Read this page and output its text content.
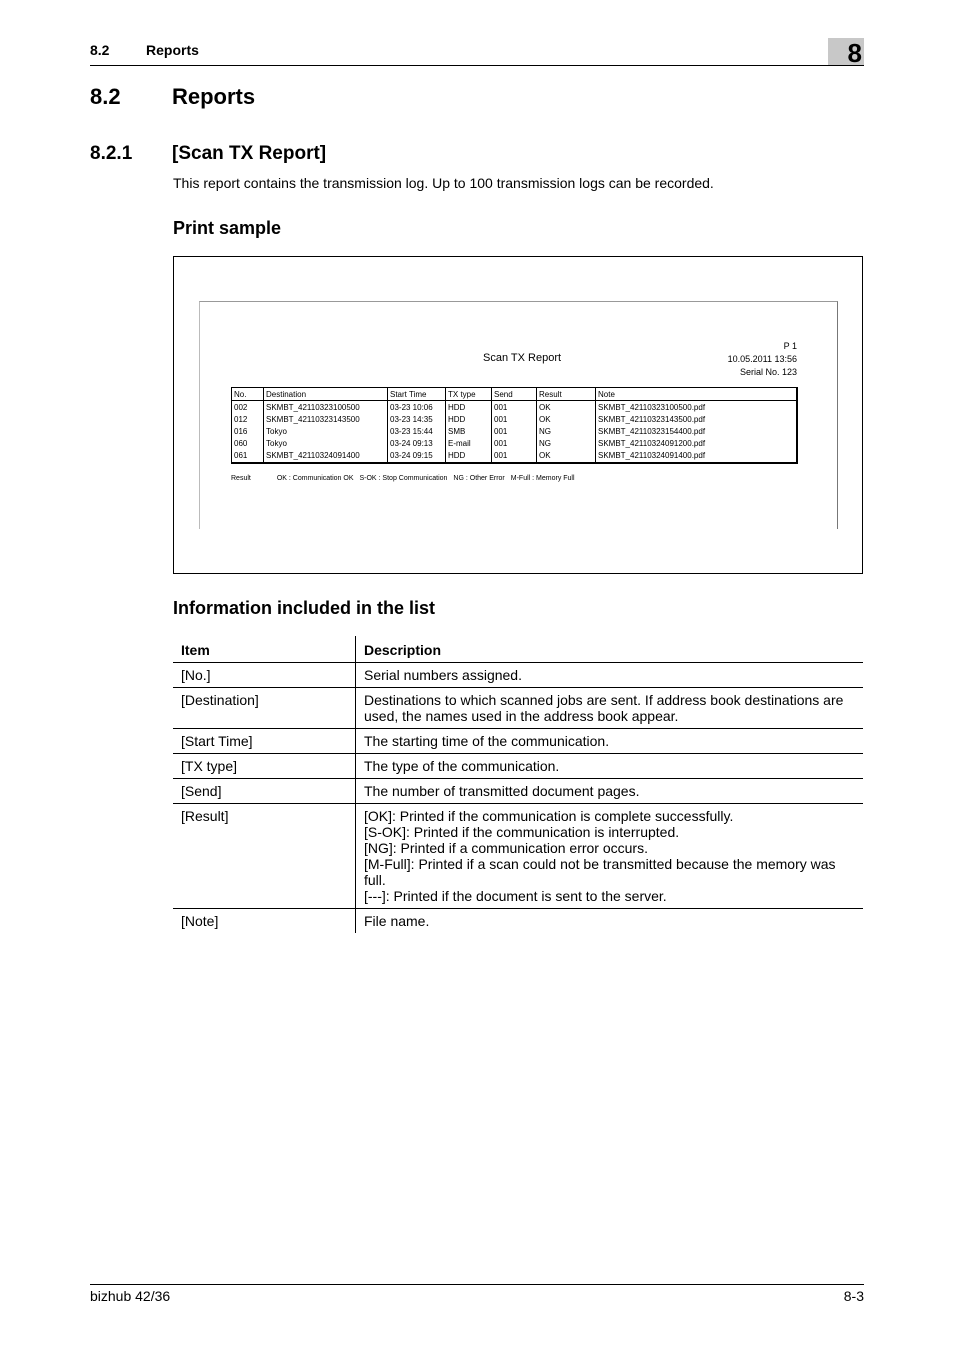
8.2	Reports	8
8.2 Reports
8.2.1 [Scan TX Report]
This report contains the transmission log. Up to 100 transmission logs can be recorded.
Print sample
Scan TX Report
P 1
10.05.2011 13:56
Serial No. 123
No.	Destination	Start Time	TX type	Send	Result	Note
002	SKMBT_42110323100500	03-23 10:06	HDD	001	OK	SKMBT_42110323100500.pdf
012	SKMBT_42110323143500	03-23 14:35	HDD	001	OK	SKMBT_42110323143500.pdf
016	Tokyo	03-23 15:44	SMB	001	NG	SKMBT_42110323154400.pdf
060	Tokyo	03-24 09:13	E-mail	001	NG	SKMBT_42110324091200.pdf
061	SKMBT_42110324091400	03-24 09:15	HDD	001	OK	SKMBT_42110324091400.pdf
Result	OK : Communication OK S-OK : Stop Communication NG : Other Error M-Full : Memory Full
Information included in the list
Item	Description
[No.]	Serial numbers assigned.
[Destination]	Destinations to which scanned jobs are sent. If address book destinations are used, the names used in the address book appear.
[Start Time]	The starting time of the communication.
[TX type]	The type of the communication.
[Send]	The number of transmitted document pages.
[Result]	[OK]: Printed if the communication is complete successfully.
[S-OK]: Printed if the communication is interrupted.
[NG]: Printed if a communication error occurs.
[M-Full]: Printed if a scan could not be transmitted because the memory was full.
[---]: Printed if the document is sent to the server.
[Note]	File name.
bizhub 42/36	8-3
